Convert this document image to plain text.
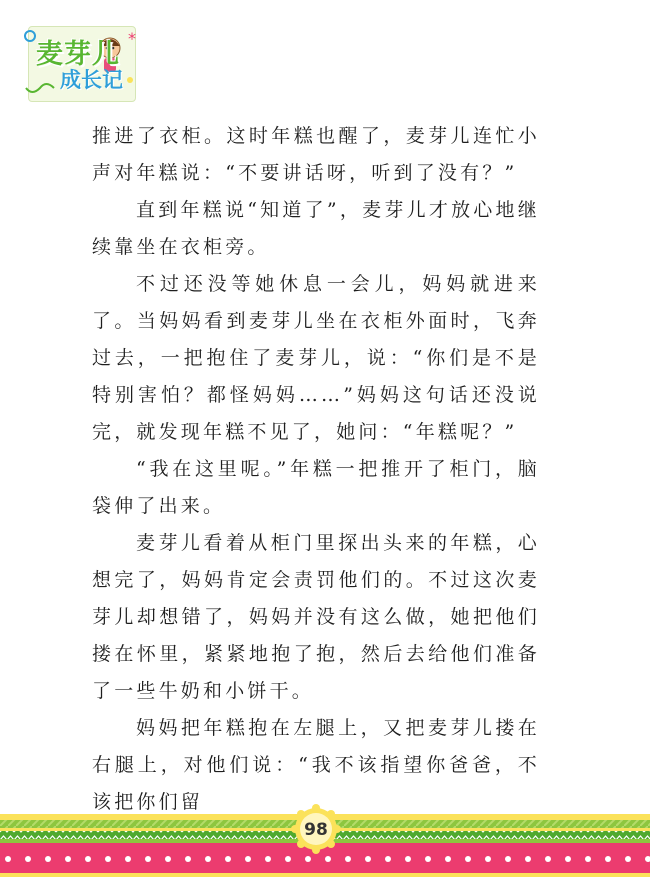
*
麦芽儿
成长记

推进了衣柜。这时年糕也醒了，麦芽儿连忙小声对年糕说：“不要讲话呀，听到了没有？”

直到年糕说“知道了”，麦芽儿才放心地继续靠坐在衣柜旁。

不过还没等她休息一会儿，妈妈就进来了。当妈妈看到麦芽儿坐在衣柜外面时，飞奔过去，一把抱住了麦芽儿，说：“你们是不是特别害怕？都怪妈妈……”妈妈这句话还没说完，就发现年糕不见了，她问：“年糕呢？”

“我在这里呢。”年糕一把推开了柜门，脑袋伸了出来。

麦芽儿看着从柜门里探出头来的年糕，心想完了，妈妈肯定会责罚他们的。不过这次麦芽儿却想错了，妈妈并没有这么做，她把他们搂在怀里，紧紧地抱了抱，然后去给他们准备了一些牛奶和小饼干。

妈妈把年糕抱在左腿上，又把麦芽儿搂在右腿上，对他们说：“我不该指望你爸爸，不该把你们留

98
